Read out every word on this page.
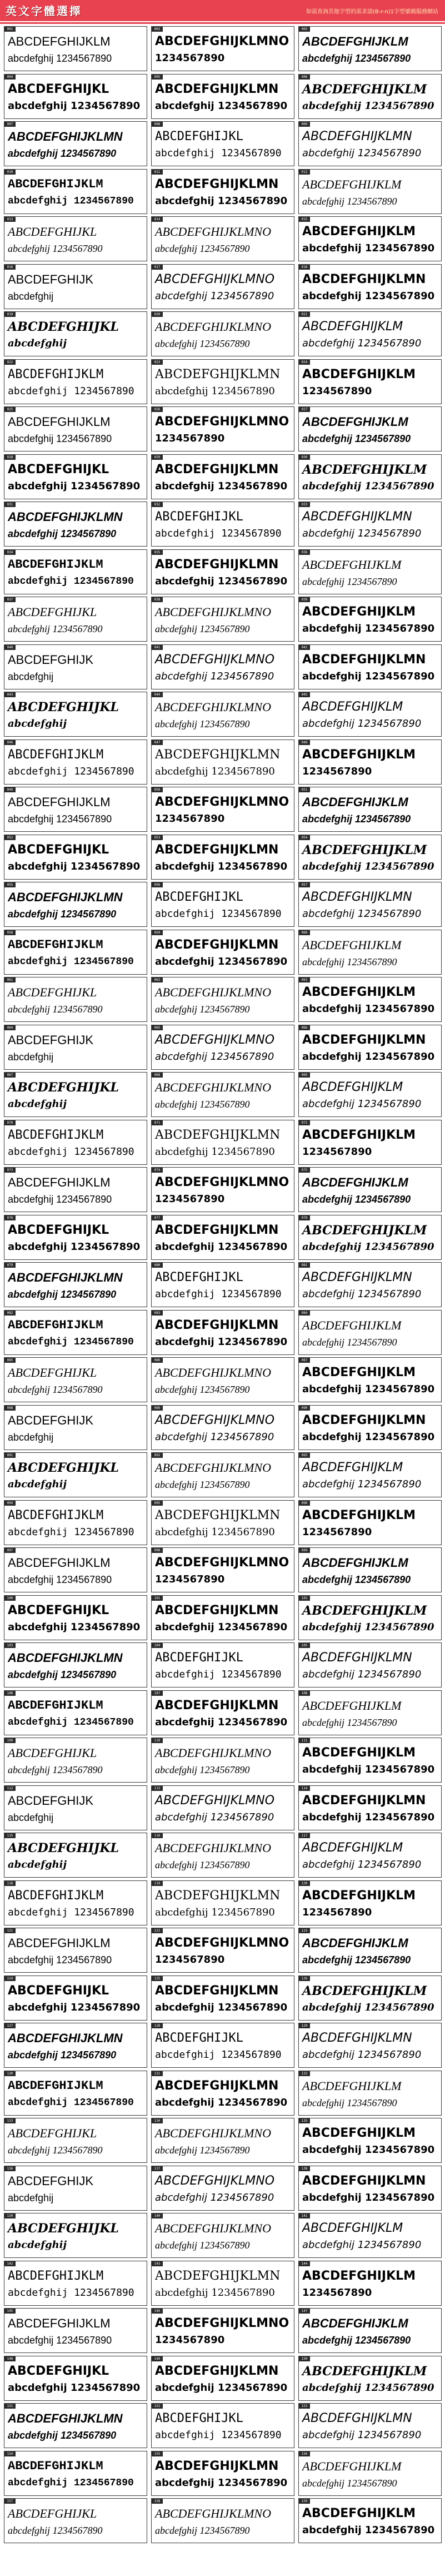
英文字體選擇	如需查詢其他字型的需求請(B-r-n)1字型號碼服務網站
001
ABCDEFGHIJKLM
abcdefghij 1234567890
002
ABCDEFGHIJKLMNO
1234567890
003
ABCDEFGHIJKLM
abcdefghij 1234567890
004
ABCDEFGHIJKL
abcdefghij 1234567890
005
ABCDEFGHIJKLMN
abcdefghij 1234567890
006
ABCDEFGHIJKLM
abcdefghij 1234567890
007
ABCDEFGHIJKLMN
abcdefghij 1234567890
008
ABCDEFGHIJKL
abcdefghij 1234567890
009
ABCDEFGHIJKLMN
abcdefghij 1234567890
010
ABCDEFGHIJKLM
abcdefghij 1234567890
011
ABCDEFGHIJKLMN
abcdefghij 1234567890
012
ABCDEFGHIJKLM
abcdefghij 1234567890
013
ABCDEFGHIJKL
abcdefghij 1234567890
014
ABCDEFGHIJKLMNO
abcdefghij 1234567890
015
ABCDEFGHIJKLM
abcdefghij 1234567890
016
ABCDEFGHIJK
abcdefghij
017
ABCDEFGHIJKLMNO
abcdefghij 1234567890
018
ABCDEFGHIJKLMN
abcdefghij 1234567890
019
ABCDEFGHIJKL
abcdefghij
020
ABCDEFGHIJKLMNO
abcdefghij 1234567890
021
ABCDEFGHIJKLM
abcdefghij 1234567890
022
ABCDEFGHIJKLM
abcdefghij 1234567890
023
ABCDEFGHIJKLMN
abcdefghij 1234567890
024
ABCDEFGHIJKLM
1234567890
025
ABCDEFGHIJKLM
abcdefghij 1234567890
026
ABCDEFGHIJKLMNO
1234567890
027
ABCDEFGHIJKLM
abcdefghij 1234567890
028
ABCDEFGHIJKL
abcdefghij 1234567890
029
ABCDEFGHIJKLMN
abcdefghij 1234567890
030
ABCDEFGHIJKLM
abcdefghij 1234567890
031
ABCDEFGHIJKLMN
abcdefghij 1234567890
032
ABCDEFGHIJKL
abcdefghij 1234567890
033
ABCDEFGHIJKLMN
abcdefghij 1234567890
034
ABCDEFGHIJKLM
abcdefghij 1234567890
035
ABCDEFGHIJKLMN
abcdefghij 1234567890
036
ABCDEFGHIJKLM
abcdefghij 1234567890
037
ABCDEFGHIJKL
abcdefghij 1234567890
038
ABCDEFGHIJKLMNO
abcdefghij 1234567890
039
ABCDEFGHIJKLM
abcdefghij 1234567890
040
ABCDEFGHIJK
abcdefghij
041
ABCDEFGHIJKLMNO
abcdefghij 1234567890
042
ABCDEFGHIJKLMN
abcdefghij 1234567890
043
ABCDEFGHIJKL
abcdefghij
044
ABCDEFGHIJKLMNO
abcdefghij 1234567890
045
ABCDEFGHIJKLM
abcdefghij 1234567890
046
ABCDEFGHIJKLM
abcdefghij 1234567890
047
ABCDEFGHIJKLMN
abcdefghij 1234567890
048
ABCDEFGHIJKLM
1234567890
049
ABCDEFGHIJKLM
abcdefghij 1234567890
050
ABCDEFGHIJKLMNO
1234567890
051
ABCDEFGHIJKLM
abcdefghij 1234567890
052
ABCDEFGHIJKL
abcdefghij 1234567890
053
ABCDEFGHIJKLMN
abcdefghij 1234567890
054
ABCDEFGHIJKLM
abcdefghij 1234567890
055
ABCDEFGHIJKLMN
abcdefghij 1234567890
056
ABCDEFGHIJKL
abcdefghij 1234567890
057
ABCDEFGHIJKLMN
abcdefghij 1234567890
058
ABCDEFGHIJKLM
abcdefghij 1234567890
059
ABCDEFGHIJKLMN
abcdefghij 1234567890
060
ABCDEFGHIJKLM
abcdefghij 1234567890
061
ABCDEFGHIJKL
abcdefghij 1234567890
062
ABCDEFGHIJKLMNO
abcdefghij 1234567890
063
ABCDEFGHIJKLM
abcdefghij 1234567890
064
ABCDEFGHIJK
abcdefghij
065
ABCDEFGHIJKLMNO
abcdefghij 1234567890
066
ABCDEFGHIJKLMN
abcdefghij 1234567890
067
ABCDEFGHIJKL
abcdefghij
068
ABCDEFGHIJKLMNO
abcdefghij 1234567890
069
ABCDEFGHIJKLM
abcdefghij 1234567890
070
ABCDEFGHIJKLM
abcdefghij 1234567890
071
ABCDEFGHIJKLMN
abcdefghij 1234567890
072
ABCDEFGHIJKLM
1234567890
073
ABCDEFGHIJKLM
abcdefghij 1234567890
074
ABCDEFGHIJKLMNO
1234567890
075
ABCDEFGHIJKLM
abcdefghij 1234567890
076
ABCDEFGHIJKL
abcdefghij 1234567890
077
ABCDEFGHIJKLMN
abcdefghij 1234567890
078
ABCDEFGHIJKLM
abcdefghij 1234567890
079
ABCDEFGHIJKLMN
abcdefghij 1234567890
080
ABCDEFGHIJKL
abcdefghij 1234567890
081
ABCDEFGHIJKLMN
abcdefghij 1234567890
082
ABCDEFGHIJKLM
abcdefghij 1234567890
083
ABCDEFGHIJKLMN
abcdefghij 1234567890
084
ABCDEFGHIJKLM
abcdefghij 1234567890
085
ABCDEFGHIJKL
abcdefghij 1234567890
086
ABCDEFGHIJKLMNO
abcdefghij 1234567890
087
ABCDEFGHIJKLM
abcdefghij 1234567890
088
ABCDEFGHIJK
abcdefghij
089
ABCDEFGHIJKLMNO
abcdefghij 1234567890
090
ABCDEFGHIJKLMN
abcdefghij 1234567890
091
ABCDEFGHIJKL
abcdefghij
092
ABCDEFGHIJKLMNO
abcdefghij 1234567890
093
ABCDEFGHIJKLM
abcdefghij 1234567890
094
ABCDEFGHIJKLM
abcdefghij 1234567890
095
ABCDEFGHIJKLMN
abcdefghij 1234567890
096
ABCDEFGHIJKLM
1234567890
097
ABCDEFGHIJKLM
abcdefghij 1234567890
098
ABCDEFGHIJKLMNO
1234567890
099
ABCDEFGHIJKLM
abcdefghij 1234567890
100
ABCDEFGHIJKL
abcdefghij 1234567890
101
ABCDEFGHIJKLMN
abcdefghij 1234567890
102
ABCDEFGHIJKLM
abcdefghij 1234567890
103
ABCDEFGHIJKLMN
abcdefghij 1234567890
104
ABCDEFGHIJKL
abcdefghij 1234567890
105
ABCDEFGHIJKLMN
abcdefghij 1234567890
106
ABCDEFGHIJKLM
abcdefghij 1234567890
107
ABCDEFGHIJKLMN
abcdefghij 1234567890
108
ABCDEFGHIJKLM
abcdefghij 1234567890
109
ABCDEFGHIJKL
abcdefghij 1234567890
110
ABCDEFGHIJKLMNO
abcdefghij 1234567890
111
ABCDEFGHIJKLM
abcdefghij 1234567890
112
ABCDEFGHIJK
abcdefghij
113
ABCDEFGHIJKLMNO
abcdefghij 1234567890
114
ABCDEFGHIJKLMN
abcdefghij 1234567890
115
ABCDEFGHIJKL
abcdefghij
116
ABCDEFGHIJKLMNO
abcdefghij 1234567890
117
ABCDEFGHIJKLM
abcdefghij 1234567890
118
ABCDEFGHIJKLM
abcdefghij 1234567890
119
ABCDEFGHIJKLMN
abcdefghij 1234567890
120
ABCDEFGHIJKLM
1234567890
121
ABCDEFGHIJKLM
abcdefghij 1234567890
122
ABCDEFGHIJKLMNO
1234567890
123
ABCDEFGHIJKLM
abcdefghij 1234567890
124
ABCDEFGHIJKL
abcdefghij 1234567890
125
ABCDEFGHIJKLMN
abcdefghij 1234567890
126
ABCDEFGHIJKLM
abcdefghij 1234567890
127
ABCDEFGHIJKLMN
abcdefghij 1234567890
128
ABCDEFGHIJKL
abcdefghij 1234567890
129
ABCDEFGHIJKLMN
abcdefghij 1234567890
130
ABCDEFGHIJKLM
abcdefghij 1234567890
131
ABCDEFGHIJKLMN
abcdefghij 1234567890
132
ABCDEFGHIJKLM
abcdefghij 1234567890
133
ABCDEFGHIJKL
abcdefghij 1234567890
134
ABCDEFGHIJKLMNO
abcdefghij 1234567890
135
ABCDEFGHIJKLM
abcdefghij 1234567890
136
ABCDEFGHIJK
abcdefghij
137
ABCDEFGHIJKLMNO
abcdefghij 1234567890
138
ABCDEFGHIJKLMN
abcdefghij 1234567890
139
ABCDEFGHIJKL
abcdefghij
140
ABCDEFGHIJKLMNO
abcdefghij 1234567890
141
ABCDEFGHIJKLM
abcdefghij 1234567890
142
ABCDEFGHIJKLM
abcdefghij 1234567890
143
ABCDEFGHIJKLMN
abcdefghij 1234567890
144
ABCDEFGHIJKLM
1234567890
145
ABCDEFGHIJKLM
abcdefghij 1234567890
146
ABCDEFGHIJKLMNO
1234567890
147
ABCDEFGHIJKLM
abcdefghij 1234567890
148
ABCDEFGHIJKL
abcdefghij 1234567890
149
ABCDEFGHIJKLMN
abcdefghij 1234567890
150
ABCDEFGHIJKLM
abcdefghij 1234567890
151
ABCDEFGHIJKLMN
abcdefghij 1234567890
152
ABCDEFGHIJKL
abcdefghij 1234567890
153
ABCDEFGHIJKLMN
abcdefghij 1234567890
154
ABCDEFGHIJKLM
abcdefghij 1234567890
155
ABCDEFGHIJKLMN
abcdefghij 1234567890
156
ABCDEFGHIJKLM
abcdefghij 1234567890
157
ABCDEFGHIJKL
abcdefghij 1234567890
158
ABCDEFGHIJKLMNO
abcdefghij 1234567890
159
ABCDEFGHIJKLM
abcdefghij 1234567890
